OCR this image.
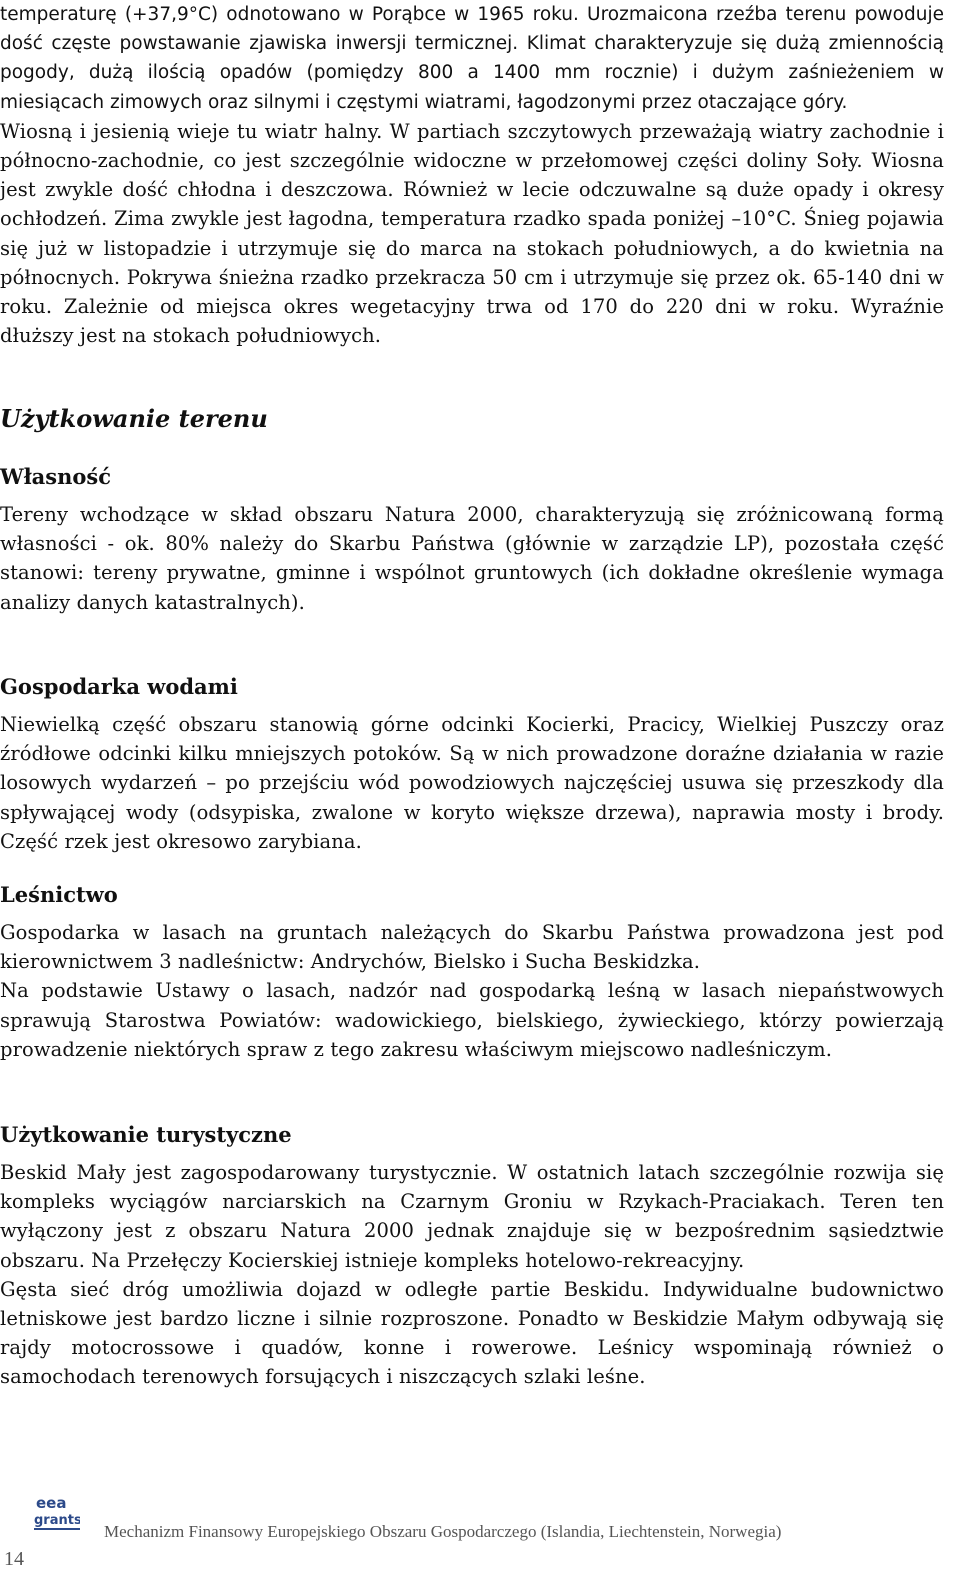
temperaturę (+37,9°C) odnotowano w Porąbce w 1965 roku. Urozmaicona rzeźba terenu powoduje dość częste powstawanie zjawiska inwersji termicznej. Klimat charakteryzuje się dużą zmiennością pogody, dużą ilością opadów (pomiędzy 800 a 1400 mm rocznie) i dużym zaśnieżeniem w miesiącach zimowych oraz silnymi i częstymi wiatrami, łagodzonymi przez otaczające góry.

Wiosną i jesienią wieje tu wiatr halny. W partiach szczytowych przeważają wiatry zachodnie i północno-zachodnie, co jest szczególnie widoczne w przełomowej części doliny Soły. Wiosna jest zwykle dość chłodna i deszczowa. Również w lecie odczuwalne są duże opady i okresy ochłodzeń. Zima zwykle jest łagodna, temperatura rzadko spada poniżej –10°C. Śnieg pojawia się już w listopadzie i utrzymuje się do marca na stokach południowych, a do kwietnia na północnych. Pokrywa śnieżna rzadko przekracza 50 cm i utrzymuje się przez ok. 65-140 dni w roku. Zależnie od miejsca okres wegetacyjny trwa od 170 do 220 dni w roku. Wyraźnie dłuższy jest na stokach południowych.

Użytkowanie terenu
Własność

Tereny wchodzące w skład obszaru Natura 2000, charakteryzują się zróżnicowaną formą własności - ok. 80% należy do Skarbu Państwa (głównie w zarządzie LP), pozostała część stanowi: tereny prywatne, gminne i wspólnot gruntowych (ich dokładne określenie wymaga analizy danych katastralnych).

Gospodarka wodami

Niewielką część obszaru stanowią górne odcinki Kocierki, Pracicy, Wielkiej Puszczy oraz źródłowe odcinki kilku mniejszych potoków. Są w nich prowadzone doraźne działania w razie losowych wydarzeń – po przejściu wód powodziowych najczęściej usuwa się przeszkody dla spływającej wody (odsypiska, zwalone w koryto większe drzewa), naprawia mosty i brody. Część rzek jest okresowo zarybiana.

Leśnictwo

Gospodarka w lasach na gruntach należących do Skarbu Państwa prowadzona jest pod kierownictwem 3 nadleśnictw: Andrychów, Bielsko i Sucha Beskidzka.

Na podstawie Ustawy o lasach, nadzór nad gospodarką leśną w lasach niepaństwowych sprawują Starostwa Powiatów: wadowickiego, bielskiego, żywieckiego, którzy powierzają prowadzenie niektórych spraw z tego zakresu właściwym miejscowo nadleśniczym.

Użytkowanie turystyczne

Beskid Mały jest zagospodarowany turystycznie. W ostatnich latach szczególnie rozwija się kompleks wyciągów narciarskich na Czarnym Groniu w Rzykach-Praciakach. Teren ten wyłączony jest z obszaru Natura 2000 jednak znajduje się w bezpośrednim sąsiedztwie obszaru. Na Przełęczy Kocierskiej istnieje kompleks hotelowo-rekreacyjny.

Gęsta sieć dróg umożliwia dojazd w odległe partie Beskidu. Indywidualne budownictwo letniskowe jest bardzo liczne i silnie rozproszone. Ponadto w Beskidzie Małym odbywają się rajdy motocrossowe i quadów, konne i rowerowe. Leśnicy wspominają również o samochodach terenowych forsujących i niszczących szlaki leśne.

eea
grants
Mechanizm Finansowy Europejskiego Obszaru Gospodarczego (Islandia, Liechtenstein, Norwegia)
14
